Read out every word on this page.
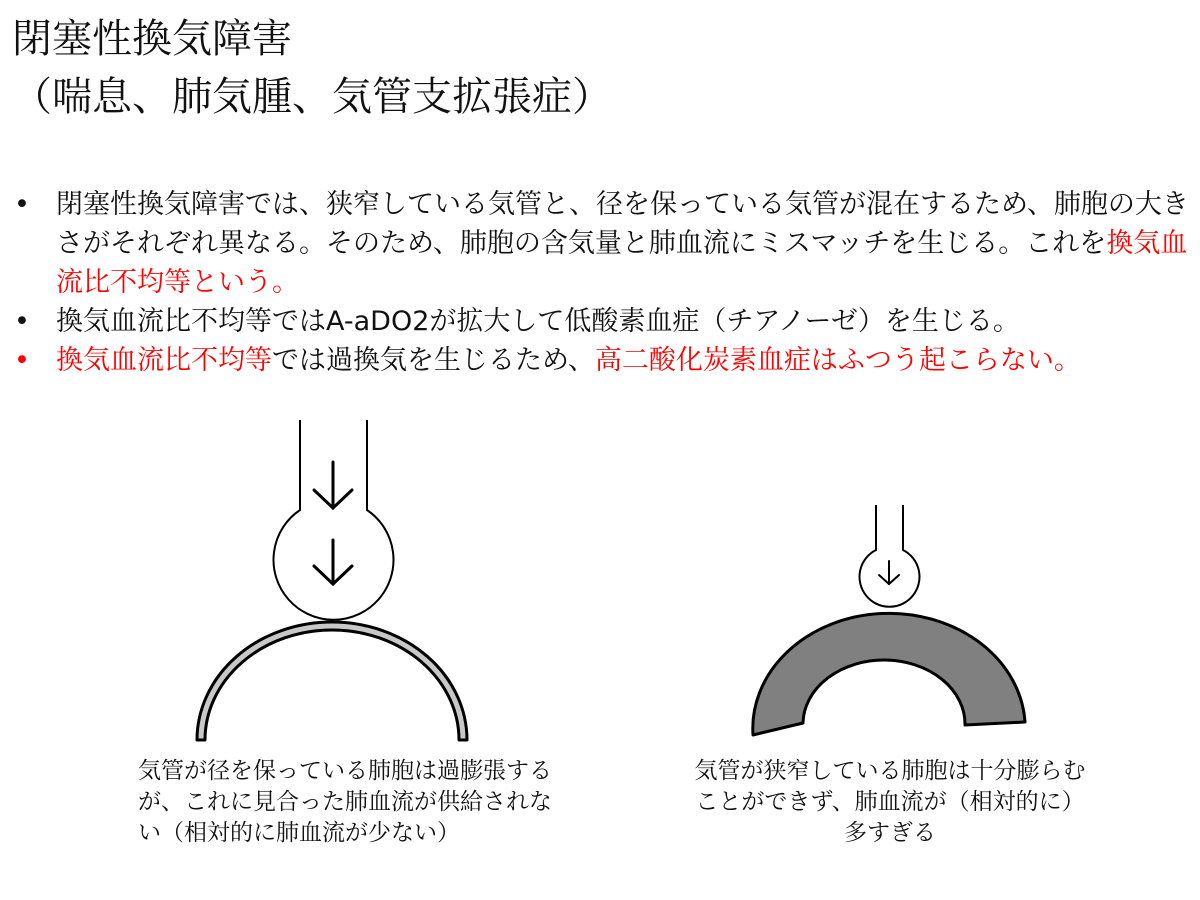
閉塞性換気障害
（喘息、肺気腫、気管支拡張症）
• 閉塞性換気障害では、狭窄している気管と、径を保っている気管が混在するため、肺胞の大きさがそれぞれ異なる。そのため、肺胞の含気量と肺血流にミスマッチを生じる。これを換気血流比不均等という。
• 換気血流比不均等ではA-aDO2が拡大して低酸素血症（チアノーゼ）を生じる。
• 換気血流比不均等では過換気を生じるため、高二酸化炭素血症はふつう起こらない。

気管が径を保っている肺胞は過膨張するが、これに見合った肺血流が供給されない（相対的に肺血流が少ない）

気管が狭窄している肺胞は十分膨らむことができず、肺血流が（相対的に）多すぎる
